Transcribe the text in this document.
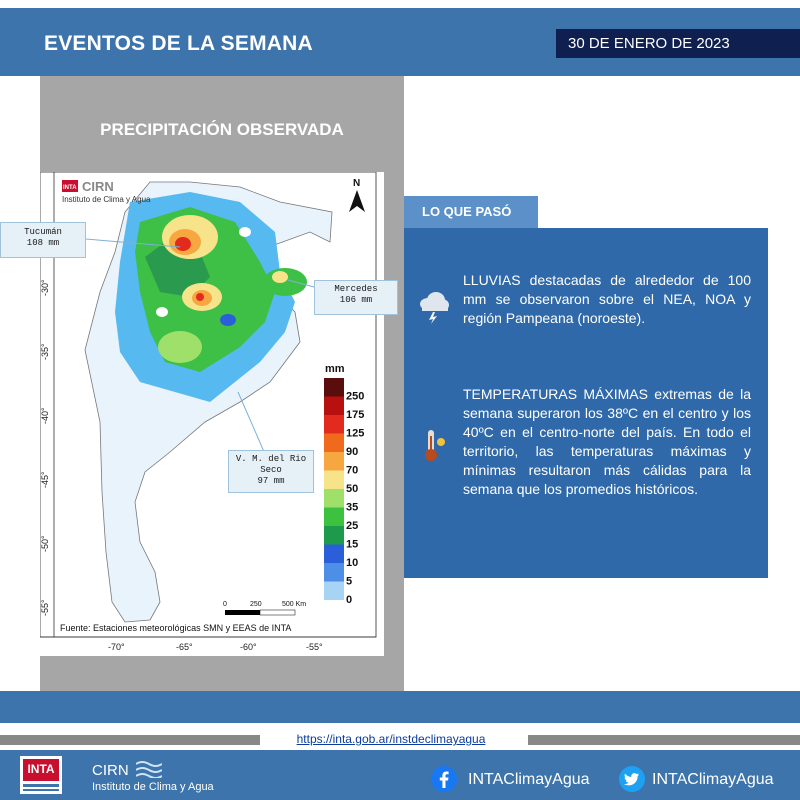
EVENTOS DE LA SEMANA	30 DE ENERO DE 2023
PRECIPITACIÓN OBSERVADA
-30°
-35°
-40°
-45°
-50°
-55°
-70°	-65°	-60°	-55°
INTA CIRN
Instituto de Clima y Agua
N
mm
250
175
125
90
70
50
35
25
15
10
5
0
0	250	500 Km
Fuente: Estaciones meteorológicas SMN y EEAS de INTA
Tucumán
108 mm
Mercedes
106 mm
V. M. del Rio
Seco
97 mm
LO QUE PASÓ
LLUVIAS destacadas de alrededor de 100 mm se observaron sobre el NEA, NOA y región Pampeana (noroeste).
TEMPERATURAS MÁXIMAS extremas de la semana superaron los 38ºC en el centro y los 40ºC en el centro-norte del país. En todo el territorio, las temperaturas máximas y mínimas resultaron más cálidas para la semana que los promedios históricos.
https://inta.gob.ar/instdeclimayagua
INTA CIRN
Instituto de Clima y Agua	INTAClimayAgua	INTAClimayAgua
